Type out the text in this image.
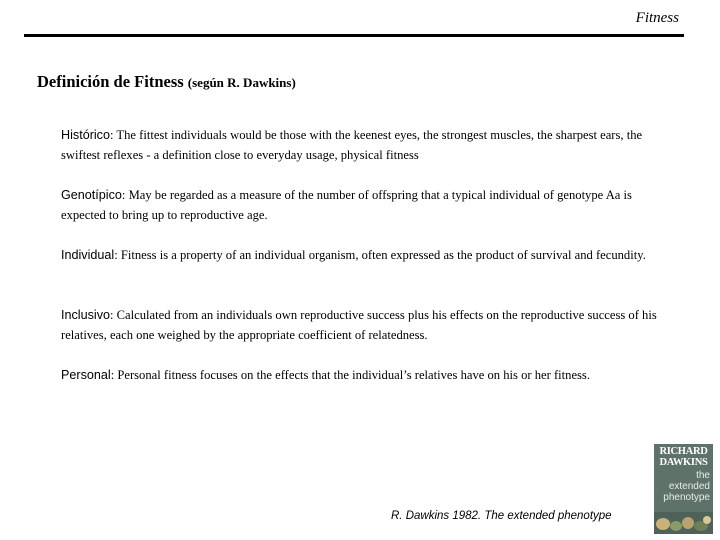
Fitness
Definición de Fitness (según R. Dawkins)

Histórico: The fittest individuals would be those with the keenest eyes, the strongest muscles, the sharpest ears, the swiftest reflexes - a definition close to everyday usage, physical fitness

Genotípico: May be regarded as a measure of the number of offspring that a typical individual of genotype Aa is expected to bring up to reproductive age.

Individual: Fitness is a property of an individual organism, often expressed as the product of survival and fecundity.

Inclusivo: Calculated from an individuals own reproductive success plus his effects on the reproductive success of his relatives, each one weighed by the appropriate coefficient of relatedness.

Personal: Personal fitness focuses on the effects that the individual’s relatives have on his or her fitness.

R. Dawkins 1982. The extended phenotype
RICHARD
DAWKINS
the
extended
phenotype
